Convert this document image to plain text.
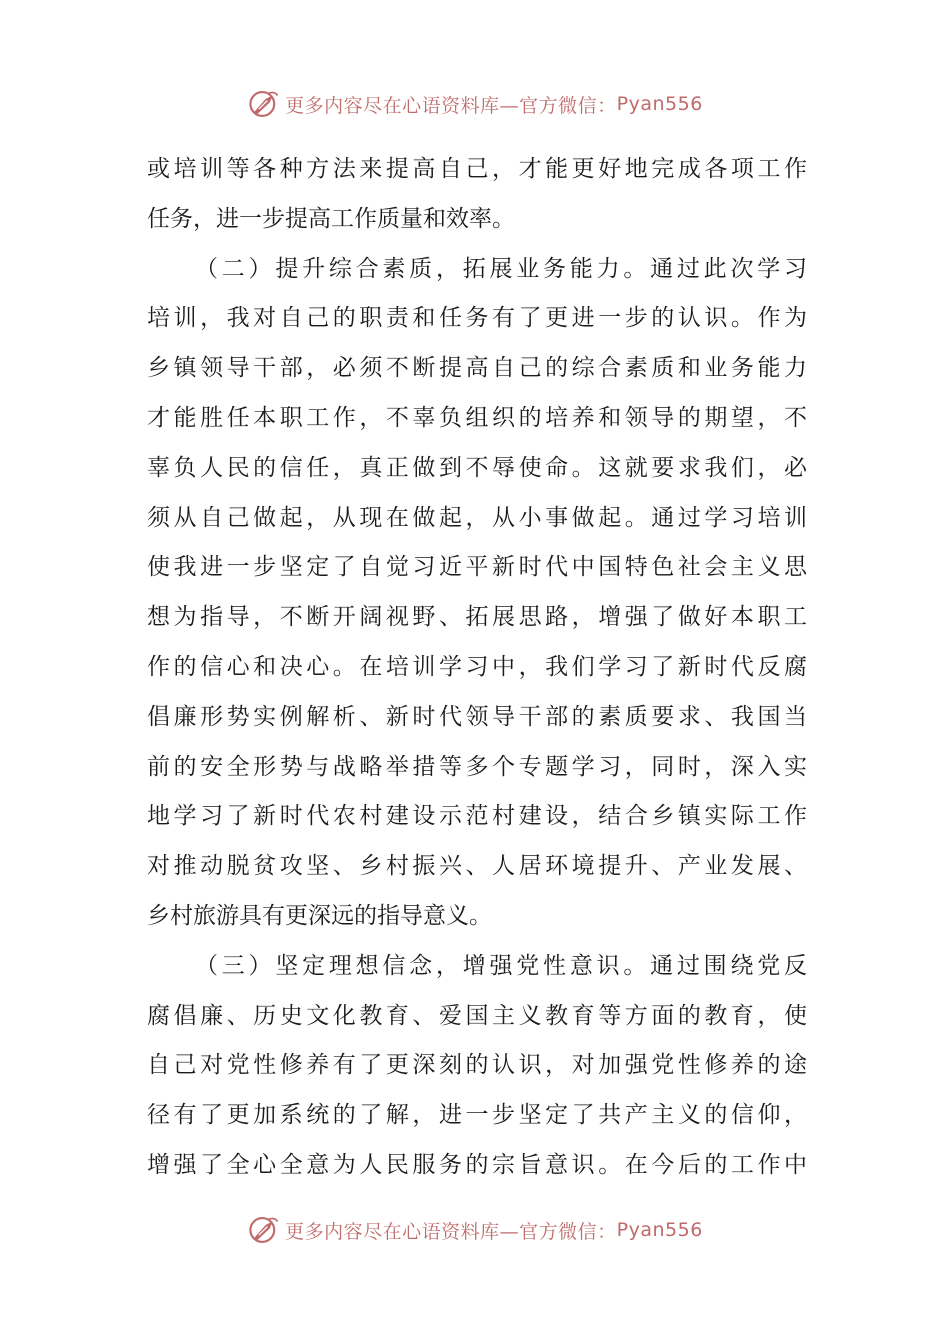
更多内容尽在心语资料库—官方微信： Pyan556
或培训等各种方法来提高自己，才能更好地完成各项工作
任务，进一步提高工作质量和效率。
（二）提升综合素质，拓展业务能力。通过此次学习
培训，我对自己的职责和任务有了更进一步的认识。作为
乡镇领导干部，必须不断提高自己的综合素质和业务能力
才能胜任本职工作，不辜负组织的培养和领导的期望，不
辜负人民的信任，真正做到不辱使命。这就要求我们，必
须从自己做起，从现在做起，从小事做起。通过学习培训
使我进一步坚定了自觉习近平新时代中国特色社会主义思
想为指导，不断开阔视野、拓展思路，增强了做好本职工
作的信心和决心。在培训学习中，我们学习了新时代反腐
倡廉形势实例解析、新时代领导干部的素质要求、我国当
前的安全形势与战略举措等多个专题学习，同时，深入实
地学习了新时代农村建设示范村建设，结合乡镇实际工作
对推动脱贫攻坚、乡村振兴、人居环境提升、产业发展、
乡村旅游具有更深远的指导意义。
（三）坚定理想信念，增强党性意识。通过围绕党反
腐倡廉、历史文化教育、爱国主义教育等方面的教育，使
自己对党性修养有了更深刻的认识，对加强党性修养的途
径有了更加系统的了解，进一步坚定了共产主义的信仰，
增强了全心全意为人民服务的宗旨意识。在今后的工作中
更多内容尽在心语资料库—官方微信： Pyan556
